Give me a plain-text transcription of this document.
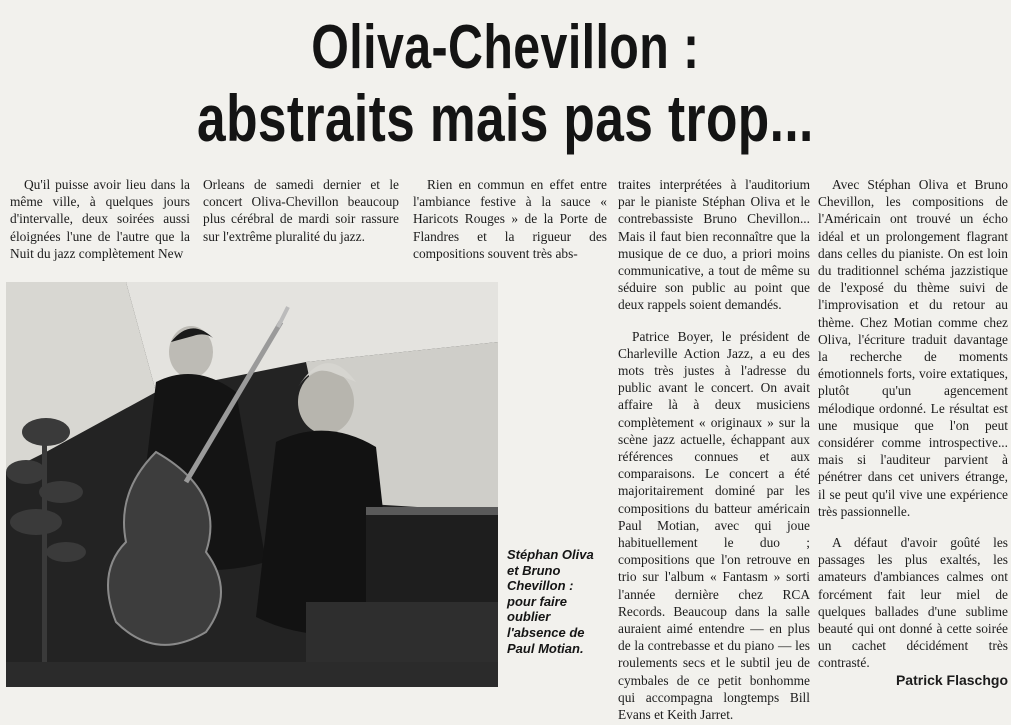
Oliva-Chevillon :
abstraits mais pas trop...

Qu'il puisse avoir lieu dans la même ville, à quelques jours d'intervalle, deux soirées aussi éloignées l'une de l'autre que la Nuit du jazz complètement New

Orleans de samedi dernier et le concert Oliva-Chevillon beaucoup plus cérébral de mardi soir rassure sur l'extrême pluralité du jazz.

Rien en commun en effet entre l'ambiance festive à la sauce « Haricots Rouges » de la Porte de Flandres et la rigueur des compositions souvent très abs-

traites interprétées à l'auditorium par le pianiste Stéphan Oliva et le contrebassiste Bruno Chevillon... Mais il faut bien reconnaître que la musique de ce duo, a priori moins communicative, a tout de même su séduire son public au point que deux rappels soient demandés.

Patrice Boyer, le président de Charleville Action Jazz, a eu des mots très justes à l'adresse du public avant le concert. On avait affaire là à deux musiciens complètement « originaux » sur la scène jazz actuelle, échappant aux références connues et aux comparaisons. Le concert a été majoritairement dominé par les compositions du batteur américain Paul Motian, avec qui joue habituellement le duo ; compositions que l'on retrouve en trio sur l'album « Fantasm » sorti l'année dernière chez RCA Records. Beaucoup dans la salle auraient aimé entendre — en plus de la contrebasse et du piano — les roulements secs et le subtil jeu de cymbales de ce petit bonhomme qui accompagna longtemps Bill Evans et Keith Jarret.

Avec Stéphan Oliva et Bruno Chevillon, les compositions de l'Américain ont trouvé un écho idéal et un prolongement flagrant dans celles du pianiste. On est loin du traditionnel schéma jazzistique de l'exposé du thème suivi de l'improvisation et du retour au thème. Chez Motian comme chez Oliva, l'écriture traduit davantage la recherche de moments émotionnels forts, voire extatiques, plutôt qu'un agencement mélodique ordonné. Le résultat est une musique que l'on peut considérer comme introspective... mais si l'auditeur parvient à pénétrer dans cet univers étrange, il se peut qu'il vive une expérience très passionnelle.

A défaut d'avoir goûté les passages les plus exaltés, les amateurs d'ambiances calmes ont forcément fait leur miel de quelques ballades d'une sublime beauté qui ont donné à cette soirée un cachet décidément très contrasté.

Stéphan Oliva
et Bruno
Chevillon :
pour faire
oublier
l'absence de
Paul Motian.
Patrick Flaschgo
